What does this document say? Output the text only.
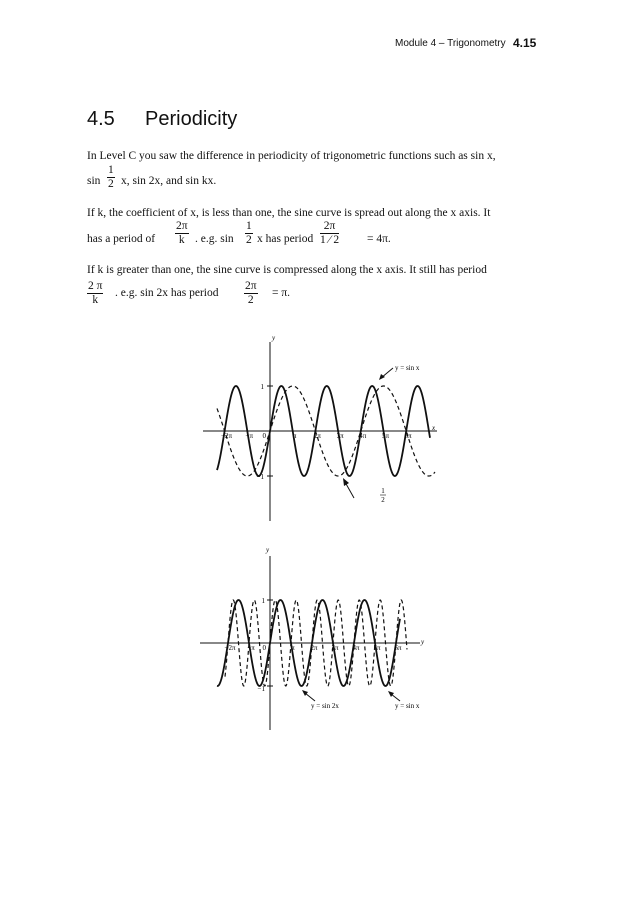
Module 4 – Trigonometry 4.15
4.5 Periodicity
In Level C you saw the difference in periodicity of trigonometric functions such as sin x,
$\sin \frac{1}{2} x$, sin 2x, and sin kx.
If k, the coefficient of x, is less than one, the sine curve is spread out along the x axis. It
has a period of $\frac{2\pi}{k}$ . e.g. $\sin \frac{1}{2}$ x has period $\frac{2\pi}{1 ⁄ 2} = 4\pi$.
If k is greater than one, the sine curve is compressed along the x axis. It still has period
$\frac{2 \pi}{k}$ . e.g. sin 2x has period $\frac{2\pi}{2} = \pi$.
−2π −π 0	π 2π 3π 4π 5π 6π
y
x
1
−1
y = sin x
1
2
−2π −π 0	π 2π 3π 4π 5π 6π
y
y
1
−1
y = sin 2x	y = sin x
